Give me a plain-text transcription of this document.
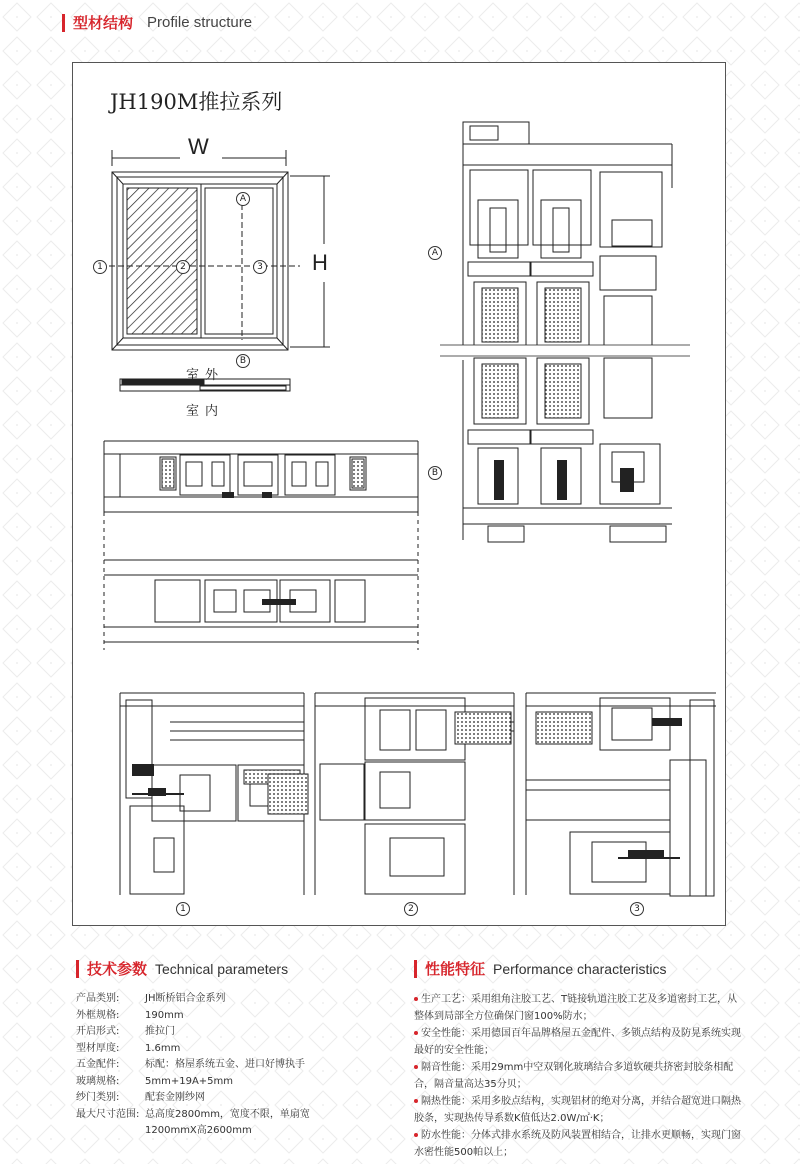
型材结构 Profile structure
JH190M推拉系列
W
H
室外
室内
A
B
2
1	3
A
B
1	2	3
技术参数 Technical parameters
产品类别:	JH断桥铝合金系列
外框规格:	190mm
开启形式:	推拉门
型材厚度:	1.6mm
五金配件:	标配：格屋系统五金、进口好博执手
玻璃规格:	5mm+19A+5mm
纱门类别:	配套金刚纱网
最大尺寸范围: 总高度2800mm，宽度不限，单扇宽
1200mmX高2600mm
性能特征 Performance characteristics
生产工艺：采用组角注胶工艺、T链接轨道注胶工艺及多道密封工艺，从整体到局部全方位确保门窗100%防水；
安全性能：采用德国百年品牌格屋五金配件、多锁点结构及防晃系统实现最好的安全性能；
隔音性能：采用29mm中空双钢化玻璃结合多道软硬共挤密封胶条相配合，隔音量高达35分贝；
隔热性能：采用多胶点结构，实现铝材的绝对分离，并结合超宽进口隔热胶条，实现热传导系数K值低达2.0W/㎡·K；
防水性能：分体式排水系统及防风装置相结合，让排水更顺畅，实现门窗水密性能500帕以上；
